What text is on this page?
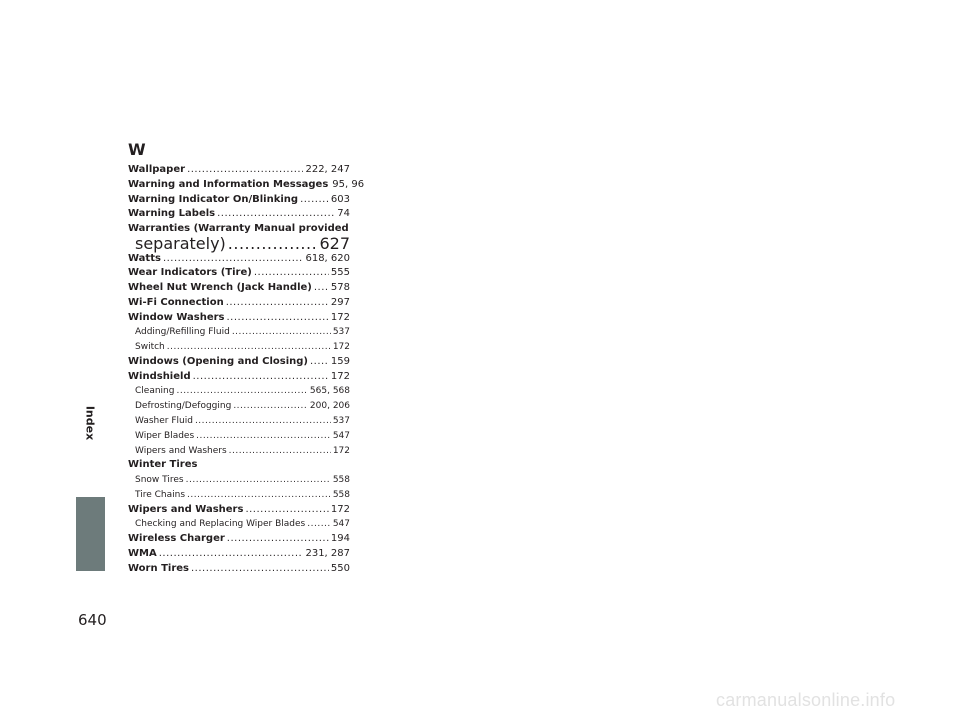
Index
W
Wallpaper .....	222, 247
Warning and Information Messages 95, 96
Warning Indicator On/Blinking .....	603
Warning Labels .....	74
Warranties (Warranty Manual provided
separately) .....	627
Watts .....	618, 620
Wear Indicators (Tire) .....	555
Wheel Nut Wrench (Jack Handle) ..... 578
Wi-Fi Connection .....	297
Window Washers .....	172
Adding/Refilling Fluid .....	537
Switch .....	172
Windows (Opening and Closing) ..... 159
Windshield .....	172
Cleaning .....	565, 568
Defrosting/Defogging .....	200, 206
Washer Fluid .....	537
Wiper Blades .....	547
Wipers and Washers .....	172
Winter Tires
Snow Tires .....	558
Tire Chains .....	558
Wipers and Washers .....	172
Checking and Replacing Wiper Blades .....	547
Wireless Charger .....	194
WMA .....	231, 287
Worn Tires .....	550
640
carmanualsonline.info
